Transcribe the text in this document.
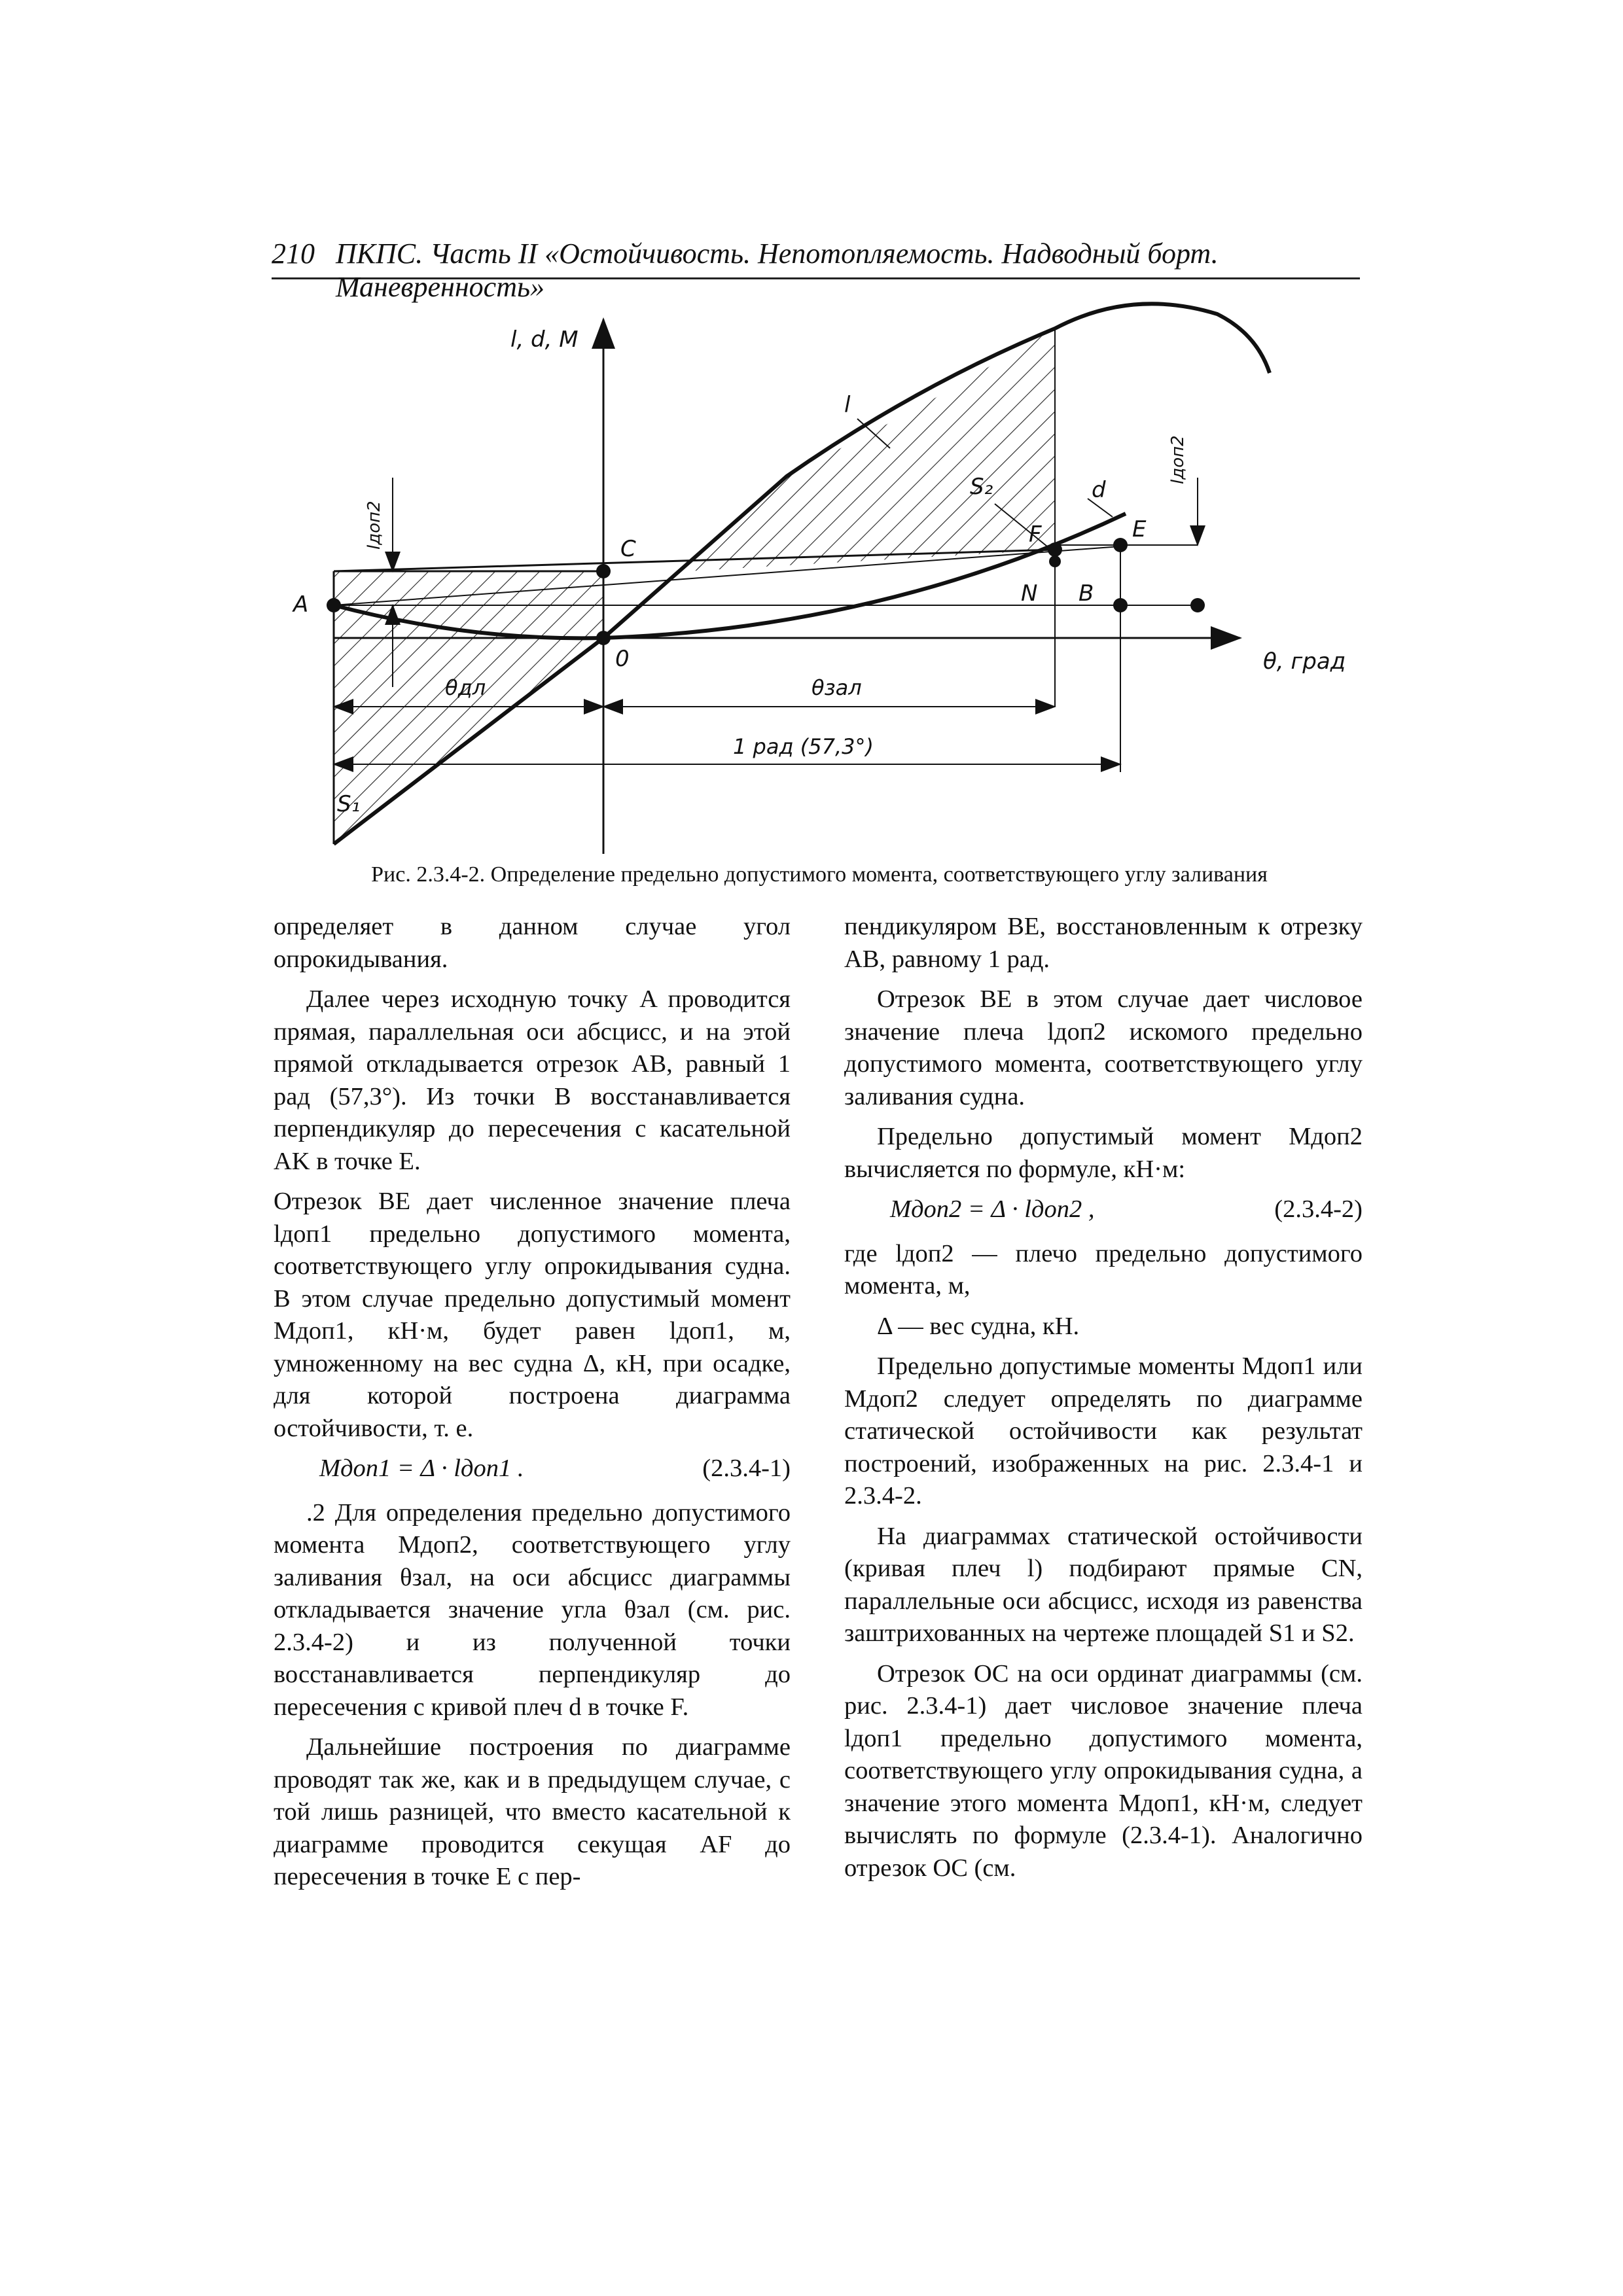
210 ПКПС. Часть II «Остойчивость. Непотопляемость. Надводный борт. Маневренность»
l, d, M
θ, град
A
C
0
N B
F	E
l
d
S₂
S₁
lдоп2
lдоп2
θдл	θзал
1 рад (57,3°)
Рис. 2.3.4-2. Определение предельно допустимого момента, соответствующего углу заливания

определяет в данном случае угол опрокидывания.

Далее через исходную точку A проводится прямая, параллельная оси абсцисс, и на этой прямой откладывается отрезок AB, равный 1 рад (57,3°). Из точки B восстанавливается перпендикуляр до пересечения с касательной AK в точке E.

Отрезок BE дает численное значение плеча lдоп1 предельно допустимого момента, соответствующего углу опрокидывания судна. В этом случае предельно допустимый момент Mдоп1, кН·м, будет равен lдоп1, м, умноженному на вес судна Δ, кН, при осадке, для которой построена диаграмма остойчивости, т. е.

Mдоп1 = Δ · lдоп1 .	(2.3.4-1)

.2 Для определения предельно допустимого момента Mдоп2, соответствующего углу заливания θзал, на оси абсцисс диаграммы откладывается значение угла θзал (см. рис. 2.3.4-2) и из полученной точки восстанавливается перпендикуляр до пересечения с кривой плеч d в точке F.

Дальнейшие построения по диаграмме проводят так же, как и в предыдущем случае, с той лишь разницей, что вместо касательной к диаграмме проводится секущая AF до пересечения в точке E с пер-

пендикуляром BE, восстановленным к отрезку AB, равному 1 рад.

Отрезок BE в этом случае дает числовое значение плеча lдоп2 искомого предельно допустимого момента, соответствующего углу заливания судна.

Предельно допустимый момент Mдоп2 вычисляется по формуле, кН·м:

Mдоп2 = Δ · lдоп2 ,	(2.3.4-2)

где lдоп2 — плечо предельно допустимого момента, м,

Δ — вес судна, кН.

Предельно допустимые моменты Mдоп1 или Mдоп2 следует определять по диаграмме статической остойчивости как результат построений, изображенных на рис. 2.3.4-1 и 2.3.4-2.

На диаграммах статической остойчивости (кривая плеч l) подбирают прямые CN, параллельные оси абсцисс, исходя из равенства заштрихованных на чертеже площадей S1 и S2.

Отрезок OC на оси ординат диаграммы (см. рис. 2.3.4-1) дает числовое значение плеча lдоп1 предельно допустимого момента, соответствующего углу опрокидывания судна, а значение этого момента Mдоп1, кН·м, следует вычислять по формуле (2.3.4-1). Аналогично отрезок OC (см.
